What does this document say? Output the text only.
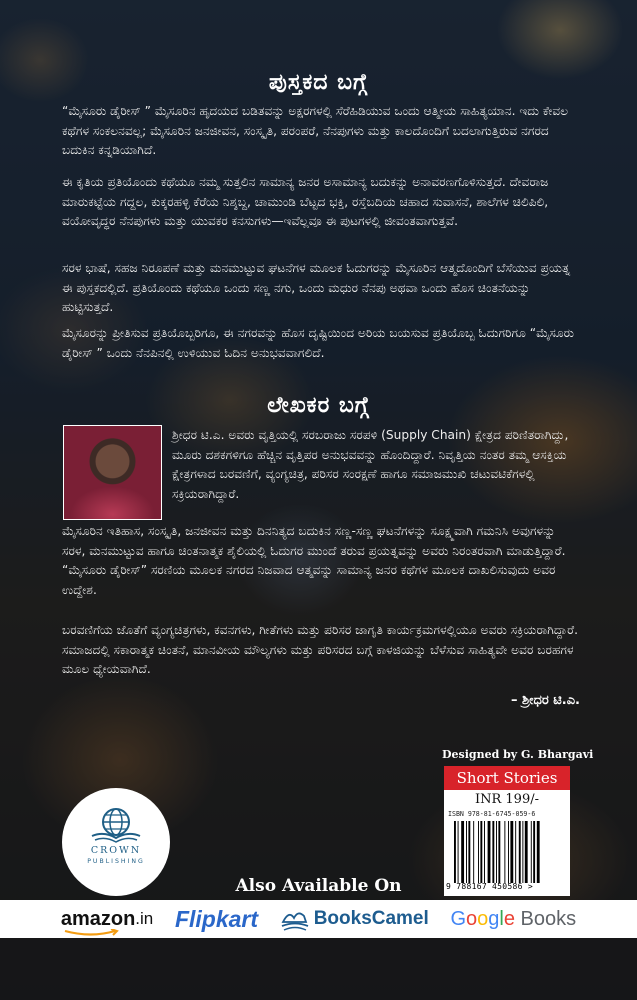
ಪುಸ್ತಕದ ಬಗ್ಗೆ

“ಮೈಸೂರು ಡೈರೀಸ್ ” ಮೈಸೂರಿನ ಹೃದಯದ ಬಡಿತವನ್ನು ಅಕ್ಷರಗಳಲ್ಲಿ ಸೆರೆಹಿಡಿಯುವ ಒಂದು ಆತ್ಮೀಯ ಸಾಹಿತ್ಯಯಾನ. ಇದು ಕೇವಲ ಕಥೆಗಳ ಸಂಕಲನವಲ್ಲ; ಮೈಸೂರಿನ ಜನಜೀವನ, ಸಂಸ್ಕೃತಿ, ಪರಂಪರೆ, ನೆನಪುಗಳು ಮತ್ತು ಕಾಲದೊಂದಿಗೆ ಬದಲಾಗುತ್ತಿರುವ ನಗರದ ಬದುಕಿನ ಕನ್ನಡಿಯಾಗಿದೆ.

ಈ ಕೃತಿಯ ಪ್ರತಿಯೊಂದು ಕಥೆಯೂ ನಮ್ಮ ಸುತ್ತಲಿನ ಸಾಮಾನ್ಯ ಜನರ ಅಸಾಮಾನ್ಯ ಬದುಕನ್ನು ಅನಾವರಣಗೊಳಿಸುತ್ತದೆ. ದೇವರಾಜ ಮಾರುಕಟ್ಟೆಯ ಗದ್ದಲ, ಕುಕ್ಕರಹಳ್ಳಿ ಕೆರೆಯ ನಿಶ್ಶಬ್ದ, ಚಾಮುಂಡಿ ಬೆಟ್ಟದ ಭಕ್ತಿ, ರಸ್ತೆಬದಿಯ ಚಹಾದ ಸುವಾಸನೆ, ಶಾಲೆಗಳ ಚಿಲಿಪಿಲಿ, ವಯೋವೃದ್ಧರ ನೆನಪುಗಳು ಮತ್ತು ಯುವಕರ ಕನಸುಗಳು—ಇವೆಲ್ಲವೂ ಈ ಪುಟಗಳಲ್ಲಿ ಜೀವಂತವಾಗುತ್ತವೆ.

ಸರಳ ಭಾಷೆ, ಸಹಜ ನಿರೂಪಣೆ ಮತ್ತು ಮನಮುಟ್ಟುವ ಘಟನೆಗಳ ಮೂಲಕ ಓದುಗರನ್ನು ಮೈಸೂರಿನ ಆತ್ಮದೊಂದಿಗೆ ಬೆಸೆಯುವ ಪ್ರಯತ್ನ ಈ ಪುಸ್ತಕದಲ್ಲಿದೆ. ಪ್ರತಿಯೊಂದು ಕಥೆಯೂ ಒಂದು ಸಣ್ಣ ನಗು, ಒಂದು ಮಧುರ ನೆನಪು ಅಥವಾ ಒಂದು ಹೊಸ ಚಿಂತನೆಯನ್ನು ಹುಟ್ಟಿಸುತ್ತದೆ.

ಮೈಸೂರನ್ನು ಪ್ರೀತಿಸುವ ಪ್ರತಿಯೊಬ್ಬರಿಗೂ, ಈ ನಗರವನ್ನು ಹೊಸ ದೃಷ್ಟಿಯಿಂದ ಅರಿಯ ಬಯಸುವ ಪ್ರತಿಯೊಬ್ಬ ಓದುಗರಿಗೂ “ಮೈಸೂರು ಡೈರೀಸ್ ” ಒಂದು ನೆನಪಿನಲ್ಲಿ ಉಳಿಯುವ ಓದಿನ ಅನುಭವವಾಗಲಿದೆ.

ಲೇಖಕರ ಬಗ್ಗೆ

ಶ್ರೀಧರ ಟಿ.ಎ. ಅವರು ವೃತ್ತಿಯಲ್ಲಿ ಸರಬರಾಜು ಸರಪಳಿ (Supply Chain) ಕ್ಷೇತ್ರದ ಪರಿಣಿತರಾಗಿದ್ದು, ಮೂರು ದಶಕಗಳಿಗೂ ಹೆಚ್ಚಿನ ವೃತ್ತಿಪರ ಅನುಭವವನ್ನು ಹೊಂದಿದ್ದಾರೆ. ನಿವೃತ್ತಿಯ ನಂತರ ತಮ್ಮ ಆಸಕ್ತಿಯ ಕ್ಷೇತ್ರಗಳಾದ ಬರವಣಿಗೆ, ವ್ಯಂಗ್ಯಚಿತ್ರ, ಪರಿಸರ ಸಂರಕ್ಷಣೆ ಹಾಗೂ ಸಮಾಜಮುಖಿ ಚಟುವಟಿಕೆಗಳಲ್ಲಿ ಸಕ್ರಿಯರಾಗಿದ್ದಾರೆ.

ಮೈಸೂರಿನ ಇತಿಹಾಸ, ಸಂಸ್ಕೃತಿ, ಜನಜೀವನ ಮತ್ತು ದಿನನಿತ್ಯದ ಬದುಕಿನ ಸಣ್ಣ-ಸಣ್ಣ ಘಟನೆಗಳನ್ನು ಸೂಕ್ಷ್ಮವಾಗಿ ಗಮನಿಸಿ ಅವುಗಳನ್ನು ಸರಳ, ಮನಮುಟ್ಟುವ ಹಾಗೂ ಚಿಂತನಾತ್ಮಕ ಶೈಲಿಯಲ್ಲಿ ಓದುಗರ ಮುಂದೆ ತರುವ ಪ್ರಯತ್ನವನ್ನು ಅವರು ನಿರಂತರವಾಗಿ ಮಾಡುತ್ತಿದ್ದಾರೆ. “ಮೈಸೂರು ಡೈರೀಸ್” ಸರಣಿಯ ಮೂಲಕ ನಗರದ ನಿಜವಾದ ಆತ್ಮವನ್ನು ಸಾಮಾನ್ಯ ಜನರ ಕಥೆಗಳ ಮೂಲಕ ದಾಖಲಿಸುವುದು ಅವರ ಉದ್ದೇಶ.

ಬರವಣಿಗೆಯ ಜೊತೆಗೆ ವ್ಯಂಗ್ಯಚಿತ್ರಗಳು, ಕವನಗಳು, ಗೀತೆಗಳು ಮತ್ತು ಪರಿಸರ ಜಾಗೃತಿ ಕಾರ್ಯಕ್ರಮಗಳಲ್ಲಿಯೂ ಅವರು ಸಕ್ರಿಯರಾಗಿದ್ದಾರೆ. ಸಮಾಜದಲ್ಲಿ ಸಕಾರಾತ್ಮಕ ಚಿಂತನೆ, ಮಾನವೀಯ ಮೌಲ್ಯಗಳು ಮತ್ತು ಪರಿಸರದ ಬಗ್ಗೆ ಕಾಳಜಿಯನ್ನು ಬೆಳೆಸುವ ಸಾಹಿತ್ಯವೇ ಅವರ ಬರಹಗಳ ಮೂಲ ಧ್ಯೇಯವಾಗಿದೆ.

– ಶ್ರೀಧರ ಟಿ.ಎ.
Designed by G. Bhargavi
Short Stories
INR 199/-
ISBN 978-81-6745-059-6
9 788167 450586 >
CROWN
PUBLISHING
Also Available On
amazon .in Flipkart	BooksCamel G o o g l e
Books
